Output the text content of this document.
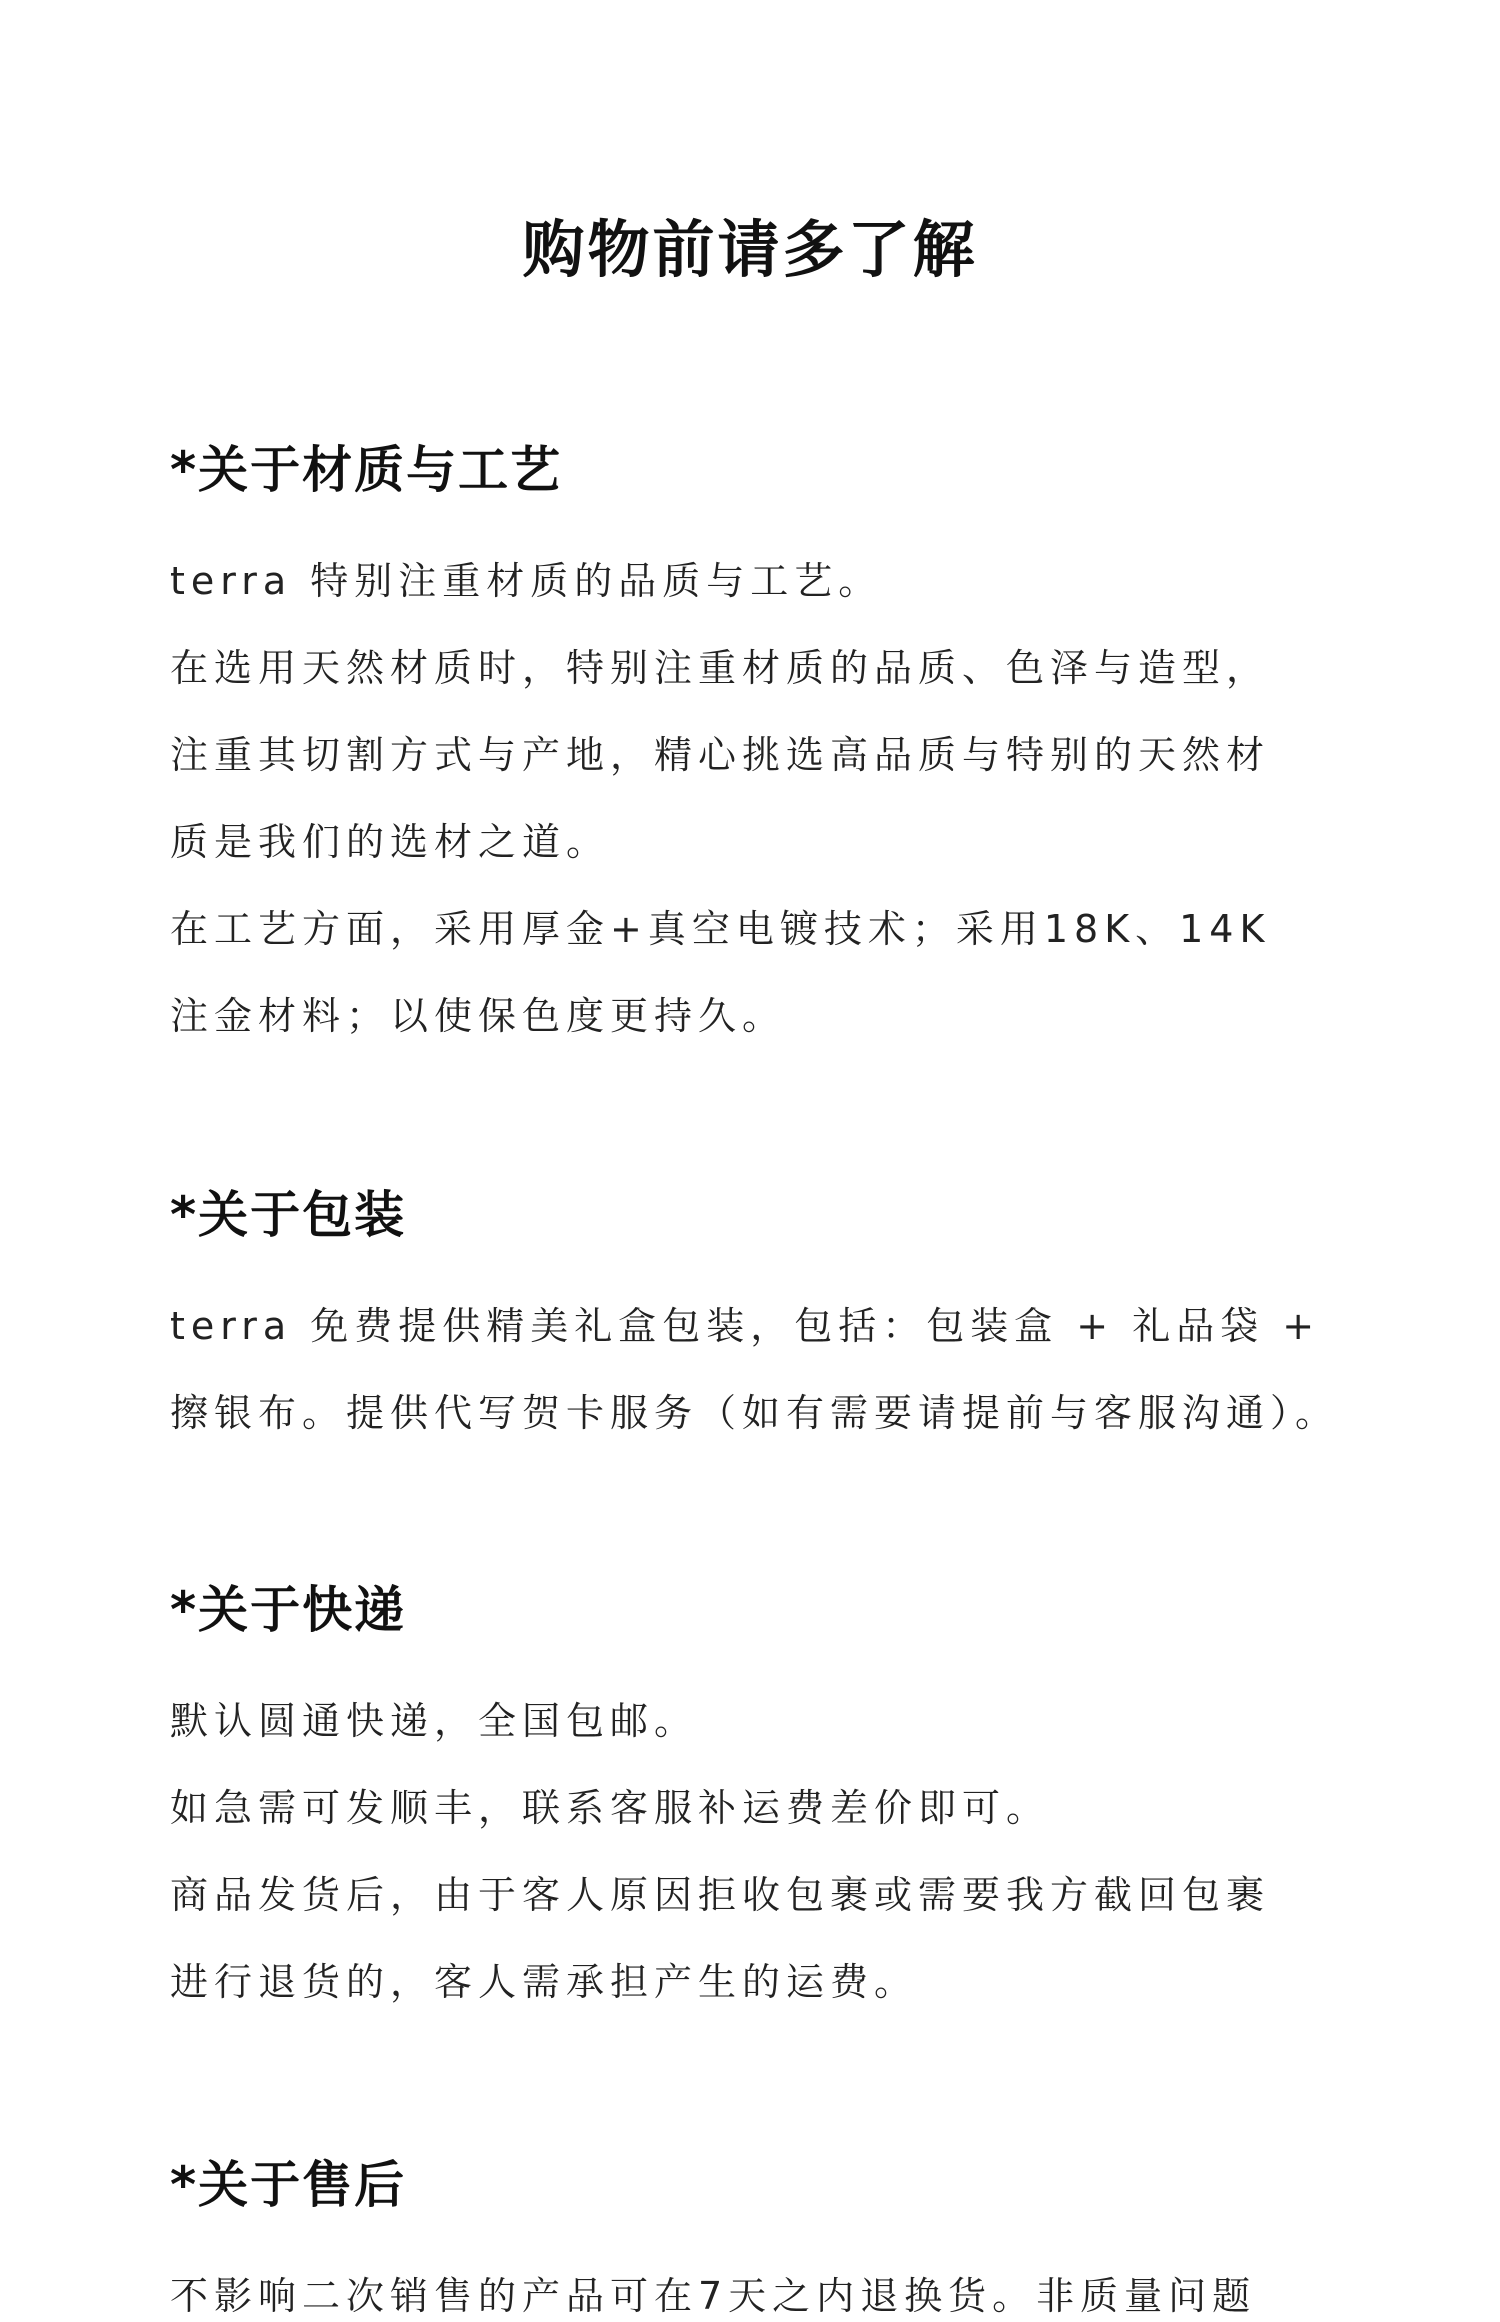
购物前请多了解
*关于材质与工艺
terra 特别注重材质的品质与工艺。
在选用天然材质时，特别注重材质的品质、色泽与造型，
注重其切割方式与产地，精心挑选高品质与特别的天然材
质是我们的选材之道。
在工艺方面，采用厚金+真空电镀技术；采用18K、14K
注金材料；以使保色度更持久。
*关于包装
terra 免费提供精美礼盒包装，包括：包装盒 + 礼品袋 +
擦银布。提供代写贺卡服务（如有需要请提前与客服沟通）。
*关于快递
默认圆通快递，全国包邮。
如急需可发顺丰，联系客服补运费差价即可。
商品发货后，由于客人原因拒收包裹或需要我方截回包裹
进行退货的，客人需承担产生的运费。
*关于售后
不影响二次销售的产品可在7天之内退换货。非质量问题
